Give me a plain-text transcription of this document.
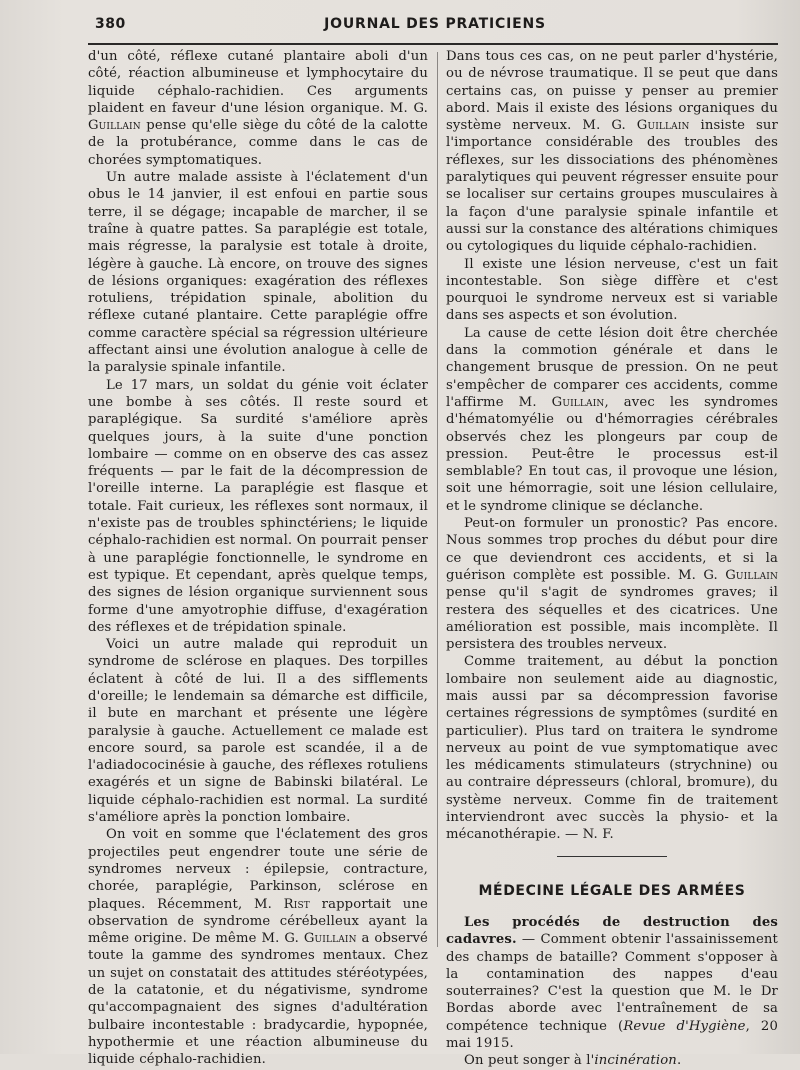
380	JOURNAL DES PRATICIENS

d'un côté, réflexe cutané plantaire aboli d'un côté, réaction albumineuse et lymphocytaire du liquide céphalo-rachidien. Ces arguments plaident en faveur d'une lésion organique. M. G. Guillain pense qu'elle siège du côté de la calotte de la protubérance, comme dans le cas de chorées symptomatiques.

Un autre malade assiste à l'éclatement d'un obus le 14 janvier, il est enfoui en partie sous terre, il se dégage; incapable de marcher, il se traîne à quatre pattes. Sa paraplégie est totale, mais régresse, la paralysie est totale à droite, légère à gauche. Là encore, on trouve des signes de lésions organiques: exagération des réflexes rotuliens, trépidation spinale, abolition du réflexe cutané plantaire. Cette paraplégie offre comme caractère spécial sa régression ultérieure affectant ainsi une évolution analogue à celle de la paralysie spinale infantile.

Le 17 mars, un soldat du génie voit éclater une bombe à ses côtés. Il reste sourd et paraplégique. Sa surdité s'améliore après quelques jours, à la suite d'une ponction lombaire — comme on en observe des cas assez fréquents — par le fait de la décompression de l'oreille interne. La paraplégie est flasque et totale. Fait curieux, les réflexes sont normaux, il n'existe pas de troubles sphinctériens; le liquide céphalo-rachidien est normal. On pourrait penser à une paraplégie fonctionnelle, le syndrome en est typique. Et cependant, après quelque temps, des signes de lésion organique surviennent sous forme d'une amyotrophie diffuse, d'exagération des réflexes et de trépidation spinale.

Voici un autre malade qui reproduit un syndrome de sclérose en plaques. Des torpilles éclatent à côté de lui. Il a des sifflements d'oreille; le lendemain sa démarche est difficile, il bute en marchant et présente une légère paralysie à gauche. Actuellement ce malade est encore sourd, sa parole est scandée, il a de l'adiadococinésie à gauche, des réflexes rotuliens exagérés et un signe de Babinski bilatéral. Le liquide céphalo-rachidien est normal. La surdité s'améliore après la ponction lombaire.

On voit en somme que l'éclatement des gros projectiles peut engendrer toute une série de syndromes nerveux : épilepsie, contracture, chorée, paraplégie, Parkinson, sclérose en plaques. Récemment, M. Rist rapportait une observation de syndrome cérébelleux ayant la même origine. De même M. G. Guillain a observé toute la gamme des syndromes mentaux. Chez un sujet on constatait des attitudes stéréotypées, de la catatonie, et du négativisme, syndrome qu'accompagnaient des signes d'adultération bulbaire incontestable : bradycardie, hypopnée, hypothermie et une réaction albumineuse du liquide céphalo-rachidien.

Dans tous ces cas, on ne peut parler d'hystérie, ou de névrose traumatique. Il se peut que dans certains cas, on puisse y penser au premier abord. Mais il existe des lésions organiques du système nerveux. M. G. Guillain insiste sur l'importance considérable des troubles des réflexes, sur les dissociations des phénomènes paralytiques qui peuvent régresser ensuite pour se localiser sur certains groupes musculaires à la façon d'une paralysie spinale infantile et aussi sur la constance des altérations chimiques ou cytologiques du liquide céphalo-rachidien.

Il existe une lésion nerveuse, c'est un fait incontestable. Son siège diffère et c'est pourquoi le syndrome nerveux est si variable dans ses aspects et son évolution.

La cause de cette lésion doit être cherchée dans la commotion générale et dans le changement brusque de pression. On ne peut s'empêcher de comparer ces accidents, comme l'affirme M. Guillain, avec les syndromes d'hématomyélie ou d'hémorragies cérébrales observés chez les plongeurs par coup de pression. Peut-être le processus est-il semblable? En tout cas, il provoque une lésion, soit une hémorragie, soit une lésion cellulaire, et le syndrome clinique se déclanche.

Peut-on formuler un pronostic? Pas encore. Nous sommes trop proches du début pour dire ce que deviendront ces accidents, et si la guérison complète est possible. M. G. Guillain pense qu'il s'agit de syndromes graves; il restera des séquelles et des cicatrices. Une amélioration est possible, mais incomplète. Il persistera des troubles nerveux.

Comme traitement, au début la ponction lombaire non seulement aide au diagnostic, mais aussi par sa décompression favorise certaines régressions de symptômes (surdité en particulier). Plus tard on traitera le syndrome nerveux au point de vue symptomatique avec les médicaments stimulateurs (strychnine) ou au contraire dépresseurs (chloral, bromure), du système nerveux. Comme fin de traitement interviendront avec succès la physio- et la mécanothérapie. — N. F.

MÉDECINE LÉGALE DES ARMÉES

Les procédés de destruction des cadavres. — Comment obtenir l'assainissement des champs de bataille? Comment s'opposer à la contamination des nappes d'eau souterraines? C'est la question que M. le Dr Bordas aborde avec l'entraînement de sa compétence technique (Revue d'Hygiène, 20 mai 1915.

On peut songer à l'incinération.
